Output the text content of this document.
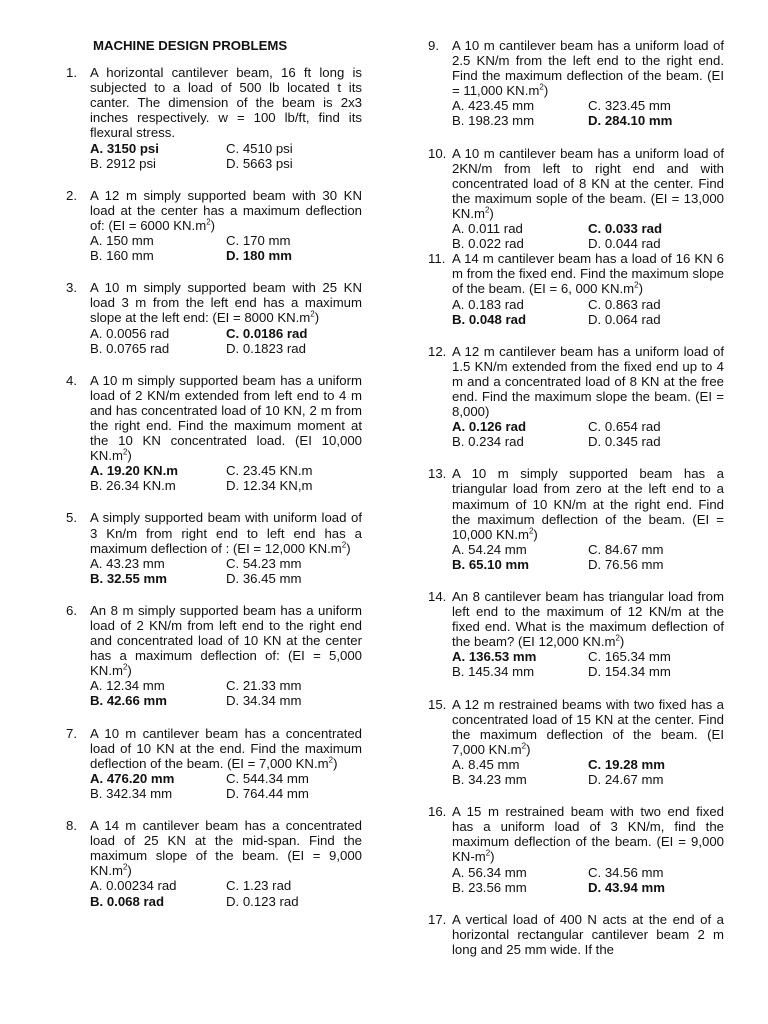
MACHINE DESIGN PROBLEMS
1. A horizontal cantilever beam, 16 ft long is subjected to a load of 500 lb located t its canter. The dimension of the beam is 2x3 inches respectively. w = 100 lb/ft, find its flexural stress.
A. 3150 psi	C. 4510 psi
B. 2912 psi	D. 5663 psi
2. A 12 m simply supported beam with 30 KN load at the center has a maximum deflection of: (EI = 6000 $KN.m^2$)
A. 150 mm	C. 170 mm
B. 160 mm	D. 180 mm
3. A 10 m simply supported beam with 25 KN load 3 m from the left end has a maximum slope at the left end: (EI = 8000 $KN.m^2$)
A. 0.0056 rad	C. 0.0186 rad
B. 0.0765 rad	D. 0.1823 rad
4. A 10 m simply supported beam has a uniform load of 2 KN/m extended from left end to 4 m and has concentrated load of 10 KN, 2 m from the right end. Find the maximum moment at the 10 KN concentrated load. (EI 10,000 $KN.m^2$)
A. 19.20 KN.m	C. 23.45 KN.m
B. 26.34 KN.m	D. 12.34 KN,m
5. A simply supported beam with uniform load of 3 Kn/m from right end to left end has a maximum deflection of : (EI = 12,000 $KN.m^2$)
A. 43.23 mm	C. 54.23 mm
B. 32.55 mm	D. 36.45 mm
6. An 8 m simply supported beam has a uniform load of 2 KN/m from left end to the right end and concentrated load of 10 KN at the center has a maximum deflection of: (EI = 5,000 $KN.m^2$)
A. 12.34 mm	C. 21.33 mm
B. 42.66 mm	D. 34.34 mm
7. A 10 m cantilever beam has a concentrated load of 10 KN at the end. Find the maximum deflection of the beam. (EI = 7,000 $KN.m^2$)
A. 476.20 mm	C. 544.34 mm
B. 342.34 mm	D. 764.44 mm
8. A 14 m cantilever beam has a concentrated load of 25 KN at the mid-span. Find the maximum slope of the beam. (EI = 9,000 $KN.m^2$)
A. 0.00234 rad	C. 1.23 rad
B. 0.068 rad	D. 0.123 rad
9. A 10 m cantilever beam has a uniform load of 2.5 KN/m from the left end to the right end. Find the maximum deflection of the beam. (EI = 11,000 $KN.m^2$)
A. 423.45 mm	C. 323.45 mm
B. 198.23 mm	D. 284.10 mm
10. A 10 m cantilever beam has a uniform load of 2KN/m from left to right end and with concentrated load of 8 KN at the center. Find the maximum sople of the beam. (EI = 13,000 $KN.m^2$)
A. 0.011 rad	C. 0.033 rad
B. 0.022 rad	D. 0.044 rad
11. A 14 m cantilever beam has a load of 16 KN 6 m from the fixed end. Find the maximum slope of the beam. (EI = 6, 000 $KN.m^2$)
A. 0.183 rad	C. 0.863 rad
B. 0.048 rad	D. 0.064 rad
12. A 12 m cantilever beam has a uniform load of 1.5 KN/m extended from the fixed end up to 4 m and a concentrated load of 8 KN at the free end. Find the maximum slope the beam. (EI = 8,000)
A. 0.126 rad	C. 0.654 rad
B. 0.234 rad	D. 0.345 rad
13. A 10 m simply supported beam has a triangular load from zero at the left end to a maximum of 10 KN/m at the right end. Find the maximum deflection of the beam. (EI = 10,000 $KN.m^2$)
A. 54.24 mm	C. 84.67 mm
B. 65.10 mm	D. 76.56 mm
14. An 8 cantilever beam has triangular load from left end to the maximum of 12 KN/m at the fixed end. What is the maximum deflection of the beam? (EI 12,000 $KN.m^2$)
A. 136.53 mm	C. 165.34 mm
B. 145.34 mm	D. 154.34 mm
15. A 12 m restrained beams with two fixed has a concentrated load of 15 KN at the center. Find the maximum deflection of the beam. (EI 7,000 $KN.m^2$)
A. 8.45 mm	C. 19.28 mm
B. 34.23 mm	D. 24.67 mm
16. A 15 m restrained beam with two end fixed has a uniform load of 3 KN/m, find the maximum deflection of the beam. (EI = 9,000 $KN-m^2$)
A. 56.34 mm	C. 34.56 mm
B. 23.56 mm	D. 43.94 mm
17. A vertical load of 400 N acts at the end of a horizontal rectangular cantilever beam 2 m long and 25 mm wide. If the
